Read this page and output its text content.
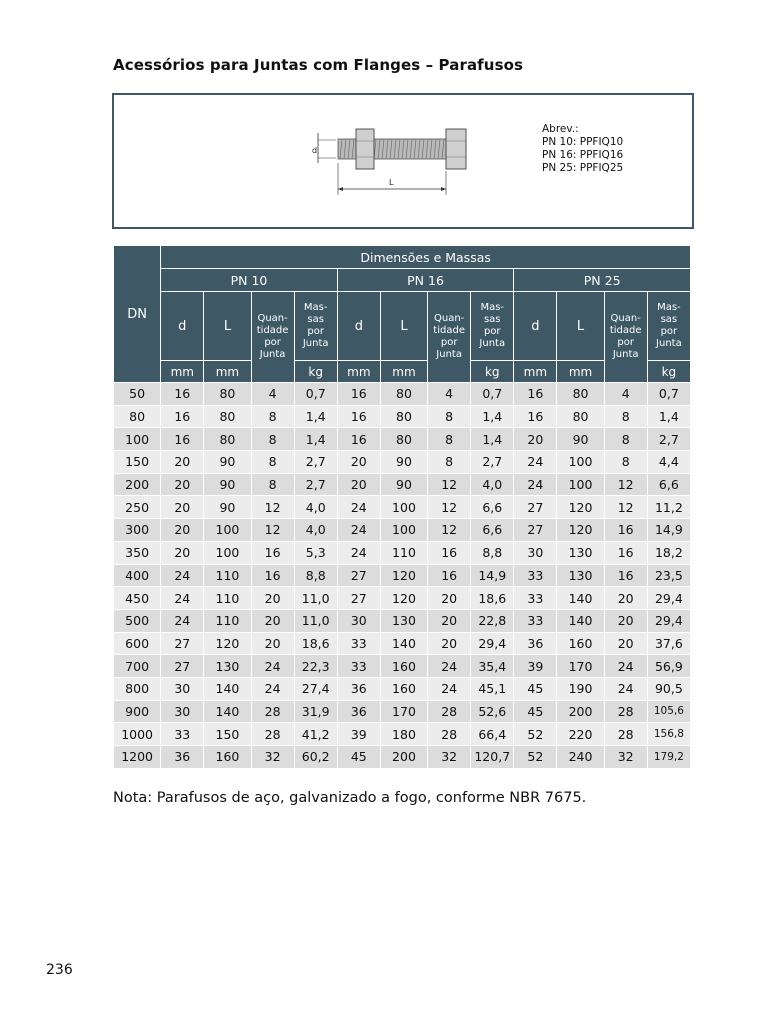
Acessórios para Juntas com Flanges – Parafusos
d
L
Abrev.:
PN 10: PPFIQ10
PN 16: PPFIQ16
PN 25: PPFIQ25
DN	Dimensões e Massas											
	PN 10				PN 16				PN 25			
	d	L	Quan-
tidade
por
Junta	Mas-
sas
por
Junta	d	L	Quan-
tidade
por
Junta	Mas-
sas
por
Junta	d	L	Quan-
tidade
por
Junta	Mas-
sas
por
Junta
	mm	mm		kg	mm	mm		kg	mm	mm		kg
50	16	80	4	0,7	16	80	4	0,7	16	80	4	0,7
80	16	80	8	1,4	16	80	8	1,4	16	80	8	1,4
100	16	80	8	1,4	16	80	8	1,4	20	90	8	2,7
150	20	90	8	2,7	20	90	8	2,7	24	100	8	4,4
200	20	90	8	2,7	20	90	12	4,0	24	100	12	6,6
250	20	90	12	4,0	24	100	12	6,6	27	120	12	11,2
300	20	100	12	4,0	24	100	12	6,6	27	120	16	14,9
350	20	100	16	5,3	24	110	16	8,8	30	130	16	18,2
400	24	110	16	8,8	27	120	16	14,9	33	130	16	23,5
450	24	110	20	11,0	27	120	20	18,6	33	140	20	29,4
500	24	110	20	11,0	30	130	20	22,8	33	140	20	29,4
600	27	120	20	18,6	33	140	20	29,4	36	160	20	37,6
700	27	130	24	22,3	33	160	24	35,4	39	170	24	56,9
800	30	140	24	27,4	36	160	24	45,1	45	190	24	90,5
900	30	140	28	31,9	36	170	28	52,6	45	200	28	105,6
1000	33	150	28	41,2	39	180	28	66,4	52	220	28	156,8
1200	36	160	32	60,2	45	200	32	120,7	52	240	32	179,2
Nota: Parafusos de aço, galvanizado a fogo, conforme NBR 7675.
236
